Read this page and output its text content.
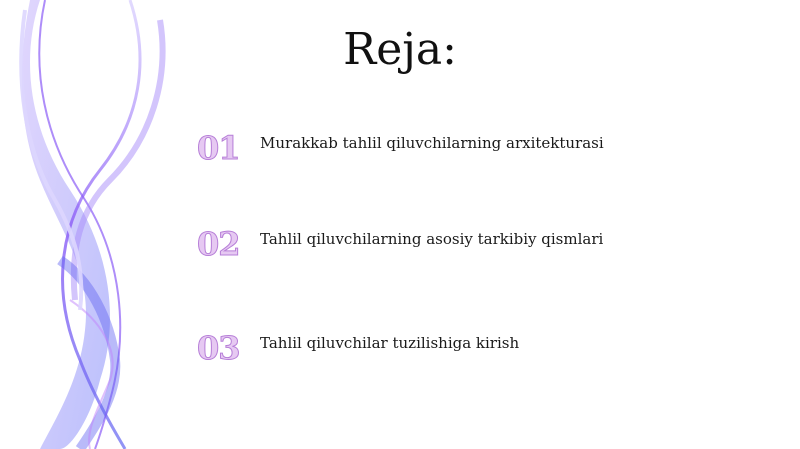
Reja:
01	Murakkab tahlil qiluvchilarning arxitekturasi
02	Tahlil qiluvchilarning asosiy tarkibiy qismlari
03	Tahlil qiluvchilar tuzilishiga kirish
